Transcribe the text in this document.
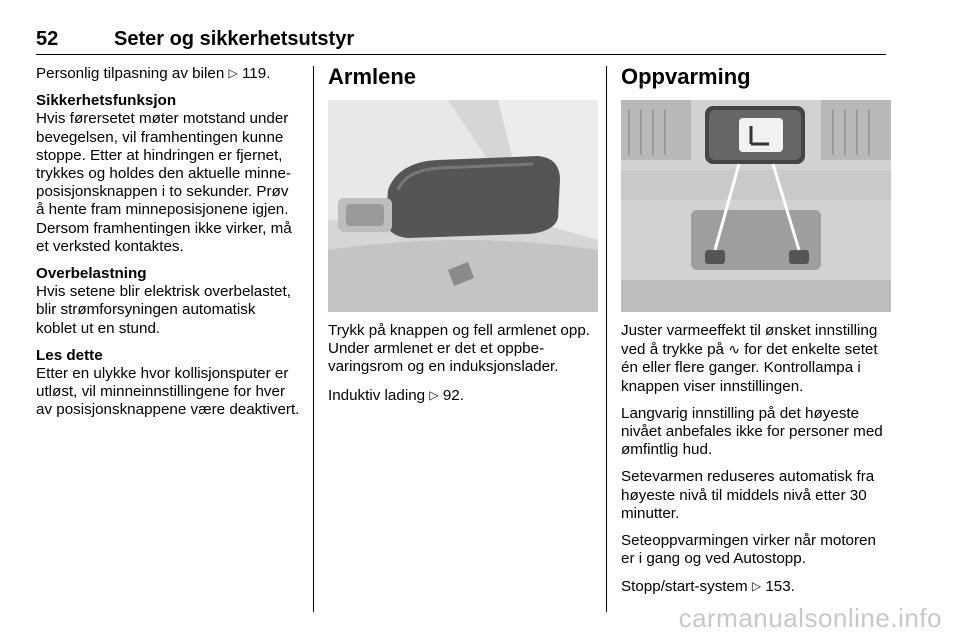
52	Seter og sikkerhetsutstyr

Personlig tilpasning av bilen ▷ 119.

Sikkerhetsfunksjon
Hvis førersetet møter motstand under bevegelsen, vil framhentingen kunne stoppe. Etter at hindringen er fjernet, trykkes og holdes den aktuelle minneposisjonsknappen i to sekunder. Prøv å hente fram minneposisjonene igjen. Dersom framhentingen ikke virker, må et verksted kontaktes.

Overbelastning
Hvis setene blir elektrisk overbelastet, blir strømforsyningen automatisk koblet ut en stund.

Les dette
Etter en ulykke hvor kollisjonsputer er utløst, vil minneinnstillingene for hver av posisjonsknappene være deaktivert.

Armlene

Trykk på knappen og fell armlenet opp. Under armlenet er det et oppbevaringsrom og en induksjonslader.

Induktiv lading ▷ 92.

Oppvarming

Juster varmeeffekt til ønsket innstilling ved å trykke på ∿ for det enkelte setet én eller flere ganger. Kontrollampa i knappen viser innstillingen.

Langvarig innstilling på det høyeste nivået anbefales ikke for personer med ømfintlig hud.

Setevarmen reduseres automatisk fra høyeste nivå til middels nivå etter 30 minutter.

Seteoppvarmingen virker når motoren er i gang og ved Autostopp.

Stopp/start-system ▷ 153.

carmanualsonline.info
